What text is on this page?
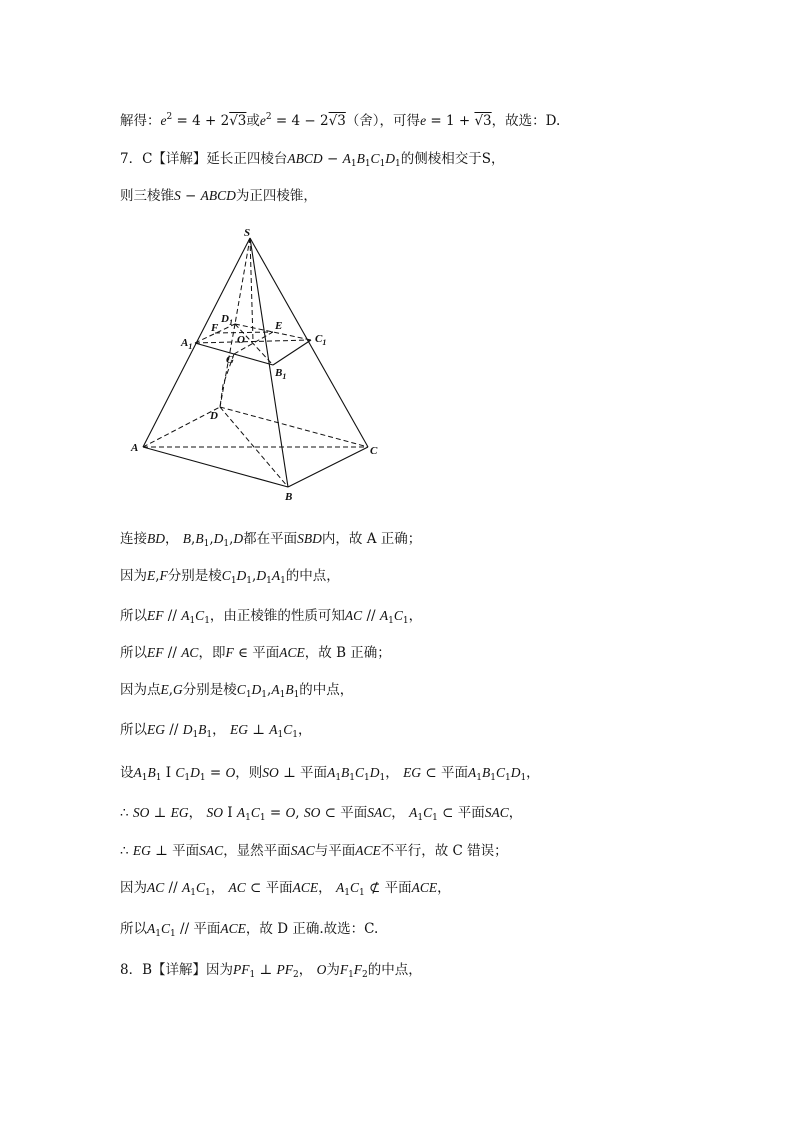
解得：$e^2 = 4 + 2√3$或$e^2 = 4 - 2√3$（舍），可得e = 1 + √3，故选：D.
7．C【详解】延长正四棱台ABCD − $A_1B_1C_1D_1$的侧棱相交于S，
则三棱锥S − ABCD为正四棱锥，
S
$A_1$
$C_1$
$B_1$
$D_1$
F	E
O
G
A
B
C
D
连接BD， $B,B_1,D_1,D$都在平面SBD内，故 A 正确；
因为E,F分别是棱$C_1D_1,D_1A_1$的中点，
所以EF // $A_1C_1$，由正棱锥的性质可知AC // $A_1C_1$，
所以EF // AC，即F ∈ 平面ACE，故 B 正确；
因为点E,G分别是棱$C_1D_1,A_1B_1$的中点，
所以EG // $D_1B_1$， EG ⊥ $A_1C_1$，
设$A_1B_1$ I $C_1D_1 = O$，则SO ⊥ 平面$A_1B_1C_1D_1$， EG ⊂ 平面$A_1B_1C_1D_1$，
∴ SO ⊥ EG， SO I $A_1C_1 = O$, SO ⊂ 平面SAC， $A_1C_1$ ⊂ 平面SAC，
∴ EG ⊥ 平面SAC，显然平面SAC与平面ACE不平行，故 C 错误；
因为AC // $A_1C_1$， AC ⊂ 平面ACE， $A_1C_1$ ⊄ 平面ACE，
所以$A_1C_1$ // 平面ACE，故 D 正确.故选：C.
8．B【详解】因为$PF_1$ ⊥ $PF_2$， O为$F_1F_2$的中点，
